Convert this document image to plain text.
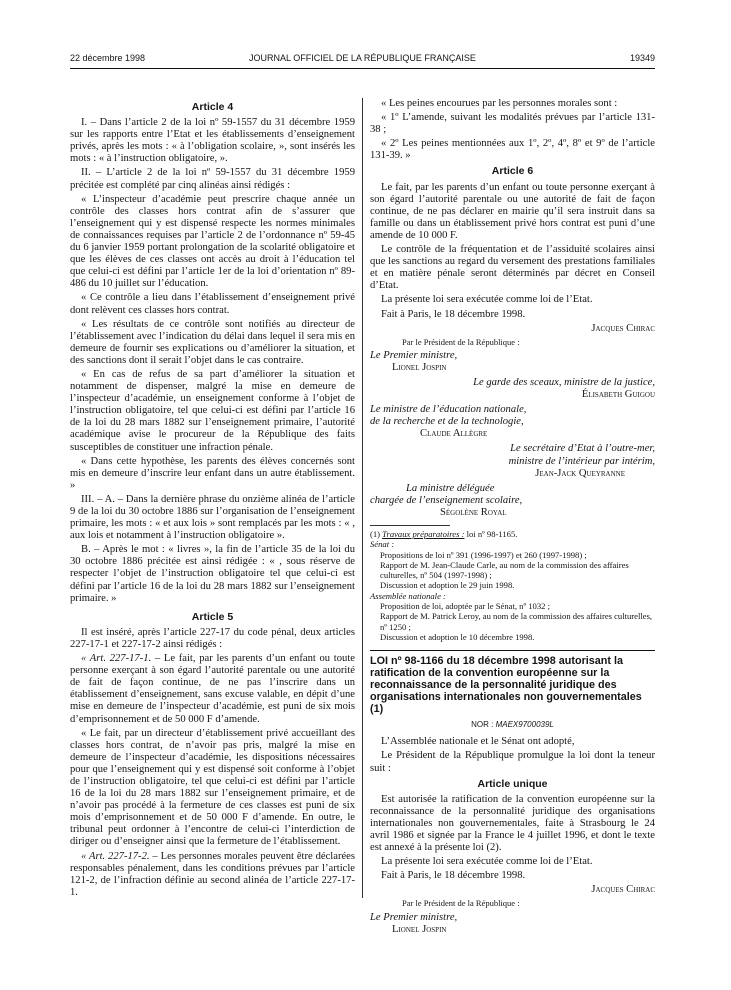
22 décembre 1998	JOURNAL OFFICIEL DE LA RÉPUBLIQUE FRANÇAISE	19349
Article 4

I. – Dans l’article 2 de la loi nº 59-1557 du 31 décembre 1959 sur les rapports entre l’Etat et les établissements d’enseignement privés, après les mots : « à l’obligation scolaire, », sont insérés les mots : « à l’instruction obligatoire, ».

II. – L’article 2 de la loi nº 59-1557 du 31 décembre 1959 précitée est complété par cinq alinéas ainsi rédigés :

« L’inspecteur d’académie peut prescrire chaque année un contrôle des classes hors contrat afin de s’assurer que l’enseignement qui y est dispensé respecte les normes minimales de connaissances requises par l’article 2 de l’ordonnance nº 59-45 du 6 janvier 1959 portant prolongation de la scolarité obligatoire et que les élèves de ces classes ont accès au droit à l’éducation tel que celui-ci est défini par l’article 1er de la loi d’orientation nº 89-486 du 10 juillet sur l’éducation.

« Ce contrôle a lieu dans l’établissement d’enseignement privé dont relèvent ces classes hors contrat.

« Les résultats de ce contrôle sont notifiés au directeur de l’établissement avec l’indication du délai dans lequel il sera mis en demeure de fournir ses explications ou d’améliorer la situation, et des sanctions dont il serait l’objet dans le cas contraire.

« En cas de refus de sa part d’améliorer la situation et notamment de dispenser, malgré la mise en demeure de l’inspecteur d’académie, un enseignement conforme à l’objet de l’instruction obligatoire, tel que celui-ci est défini par l’article 16 de la loi du 28 mars 1882 sur l’enseignement primaire, l’autorité académique avise le procureur de la République des faits susceptibles de constituer une infraction pénale.

« Dans cette hypothèse, les parents des élèves concernés sont mis en demeure d’inscrire leur enfant dans un autre établissement. »

III. – A. – Dans la dernière phrase du onzième alinéa de l’article 9 de la loi du 30 octobre 1886 sur l’organisation de l’enseignement primaire, les mots : « et aux lois » sont remplacés par les mots : « , aux lois et notamment à l’instruction obligatoire ».

B. – Après le mot : « livres », la fin de l’article 35 de la loi du 30 octobre 1886 précitée est ainsi rédigée : « , sous réserve de respecter l’objet de l’instruction obligatoire tel que celui-ci est défini par l’article 16 de la loi du 28 mars 1882 sur l’enseignement primaire. »

Article 5

Il est inséré, après l’article 227-17 du code pénal, deux articles 227-17-1 et 227-17-2 ainsi rédigés :

« Art. 227-17-1. – Le fait, par les parents d’un enfant ou toute personne exerçant à son égard l’autorité parentale ou une autorité de fait de façon continue, de ne pas l’inscrire dans un établissement d’enseignement, sans excuse valable, en dépit d’une mise en demeure de l’inspecteur d’académie, est puni de six mois d’emprisonnement et de 50 000 F d’amende.

« Le fait, par un directeur d’établissement privé accueillant des classes hors contrat, de n’avoir pas pris, malgré la mise en demeure de l’inspecteur d’académie, les dispositions nécessaires pour que l’enseignement qui y est dispensé soit conforme à l’objet de l’instruction obligatoire, tel que celui-ci est défini par l’article 16 de la loi du 28 mars 1882 sur l’enseignement primaire, et de n’avoir pas procédé à la fermeture de ces classes est puni de six mois d’emprisonnement et de 50 000 F d’amende. En outre, le tribunal peut ordonner à l’encontre de celui-ci l’interdiction de diriger ou d’enseigner ainsi que la fermeture de l’établissement.

« Art. 227-17-2. – Les personnes morales peuvent être déclarées responsables pénalement, dans les conditions prévues par l’article 121-2, de l’infraction définie au second alinéa de l’article 227-17-1.

« Les peines encourues par les personnes morales sont :

« 1º L’amende, suivant les modalités prévues par l’article 131-38 ;

« 2º Les peines mentionnées aux 1º, 2º, 4º, 8º et 9º de l’article 131-39. »

Article 6

Le fait, par les parents d’un enfant ou toute personne exerçant à son égard l’autorité parentale ou une autorité de fait de façon continue, de ne pas déclarer en mairie qu’il sera instruit dans sa famille ou dans un établissement privé hors contrat est puni d’une amende de 10 000 F.

Le contrôle de la fréquentation et de l’assiduité scolaires ainsi que les sanctions au regard du versement des prestations familiales et en matière pénale seront déterminés par décret en Conseil d’Etat.

La présente loi sera exécutée comme loi de l’Etat.

Fait à Paris, le 18 décembre 1998.

Jacques Chirac
Par le Président de la République :
Le Premier ministre,
Lionel Jospin
Le garde des sceaux, ministre de la justice,
Élisabeth Guigou
Le ministre de l’éducation nationale,
de la recherche et de la technologie,
Claude Allègre
Le secrétaire d’Etat à l’outre-mer,
ministre de l’intérieur par intérim,
Jean-Jack Queyranne
La ministre déléguée
chargée de l’enseignement scolaire,
Ségolène Royal
(1) Travaux préparatoires : loi nº 98-1165.
Sénat :
Propositions de loi nº 391 (1996-1997) et 260 (1997-1998) ;
Rapport de M. Jean-Claude Carle, au nom de la commission des affaires culturelles, nº 504 (1997-1998) ;
Discussion et adoption le 29 juin 1998.
Assemblée nationale :
Proposition de loi, adoptée par le Sénat, nº 1032 ;
Rapport de M. Patrick Leroy, au nom de la commission des affaires culturelles, nº 1250 ;
Discussion et adoption le 10 décembre 1998.
LOI nº 98-1166 du 18 décembre 1998 autorisant la ratification de la convention européenne sur la reconnaissance de la personnalité juridique des organisations internationales non gouvernementales (1)
NOR : MAEX9700039L

L’Assemblée nationale et le Sénat ont adopté,

Le Président de la République promulgue la loi dont la teneur suit :

Article unique

Est autorisée la ratification de la convention européenne sur la reconnaissance de la personnalité juridique des organisations internationales non gouvernementales, faite à Strasbourg le 24 avril 1986 et signée par la France le 4 juillet 1996, et dont le texte est annexé à la présente loi (2).

La présente loi sera exécutée comme loi de l’Etat.

Fait à Paris, le 18 décembre 1998.

Jacques Chirac
Par le Président de la République :
Le Premier ministre,
Lionel Jospin
